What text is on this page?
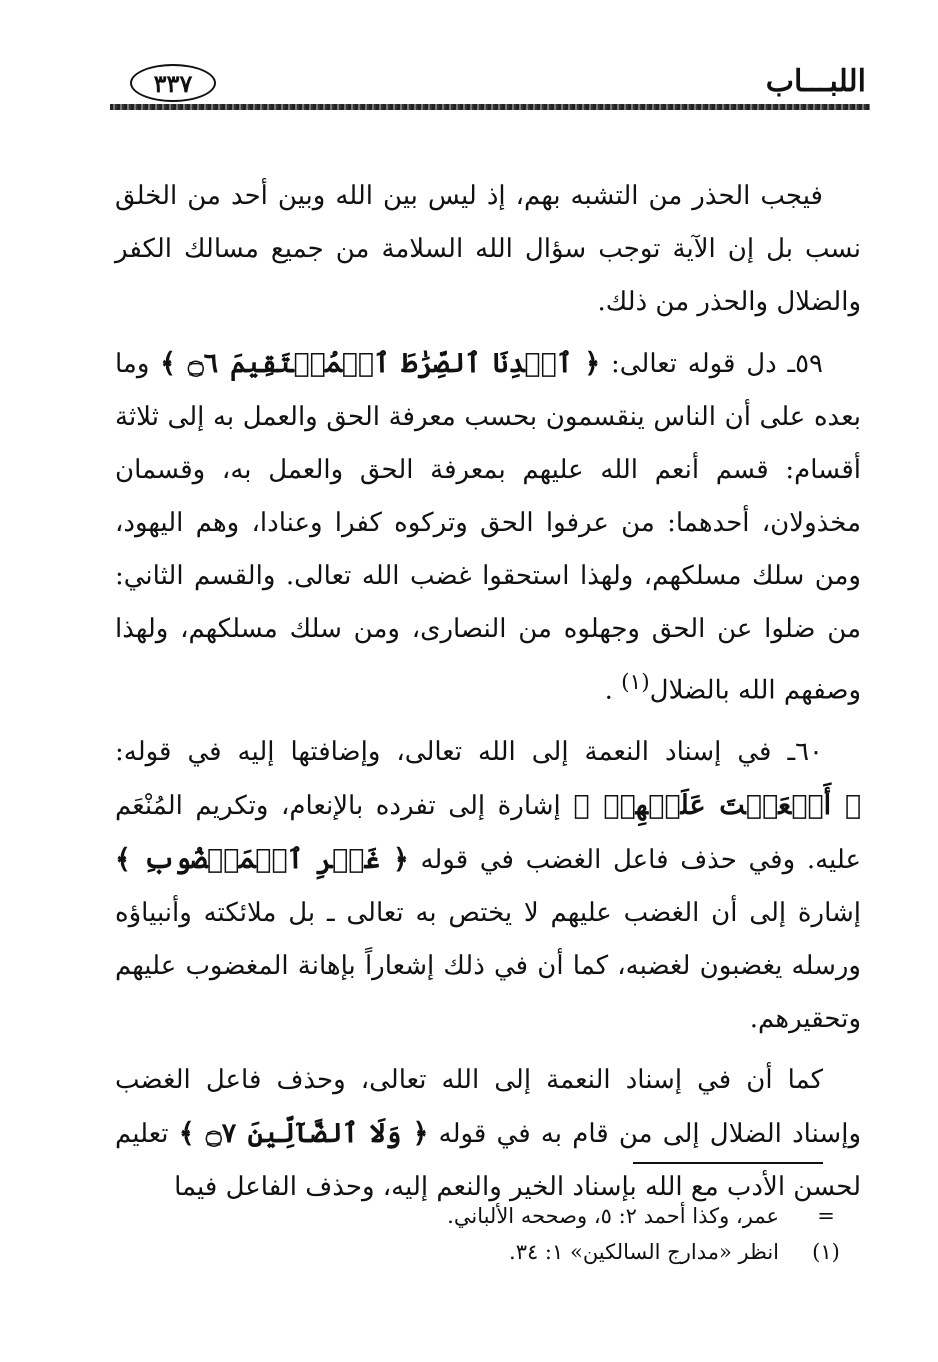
اللبـــاب
٣٣٧

فيجب الحذر من التشبه بهم، إذ ليس بين الله وبين أحد من الخلق نسب بل إن الآية توجب سؤال الله السلامة من جميع مسالك الكفر والضلال والحذر من ذلك.

٥٩ـ دل قوله تعالى: ﴿ ٱهۡدِنَا ٱلصِّرَٰطَ ٱلۡمُسۡتَقِيمَ ۝٦ ﴾ وما بعده على أن الناس ينقسمون بحسب معرفة الحق والعمل به إلى ثلاثة أقسام: قسم أنعم الله عليهم بمعرفة الحق والعمل به، وقسمان مخذولان، أحدهما: من عرفوا الحق وتركوه كفرا وعنادا، وهم اليهود، ومن سلك مسلكهم، ولهذا استحقوا غضب الله تعالى. والقسم الثاني: من ضلوا عن الحق وجهلوه من النصارى، ومن سلك مسلكهم، ولهذا وصفهم الله بالضلال$^{(١)}$ .

٦٠ـ في إسناد النعمة إلى الله تعالى، وإضافتها إليه في قوله: ﴿ أَنۡعَمۡتَ عَلَيۡهِمۡ ﴾ إشارة إلى تفرده بالإنعام، وتكريم المُنْعَم عليه. وفي حذف فاعل الغضب في قوله ﴿ غَيۡرِ ٱلۡمَغۡضُوبِ ﴾ إشارة إلى أن الغضب عليهم لا يختص به تعالى ـ بل ملائكته وأنبياؤه ورسله يغضبون لغضبه، كما أن في ذلك إشعاراً بإهانة المغضوب عليهم وتحقيرهم.

كما أن في إسناد النعمة إلى الله تعالى، وحذف فاعل الغضب وإسناد الضلال إلى من قام به في قوله ﴿ وَلَا ٱلضَّآلِّينَ ۝٧ ﴾ تعليم لحسن الأدب مع الله بإسناد الخير والنعم إليه، وحذف الفاعل فيما

=
عمر، وكذا أحمد ٢: ٥، وصححه الألباني.
(١)
انظر «مدارج السالكين» ١: ٣٤.
